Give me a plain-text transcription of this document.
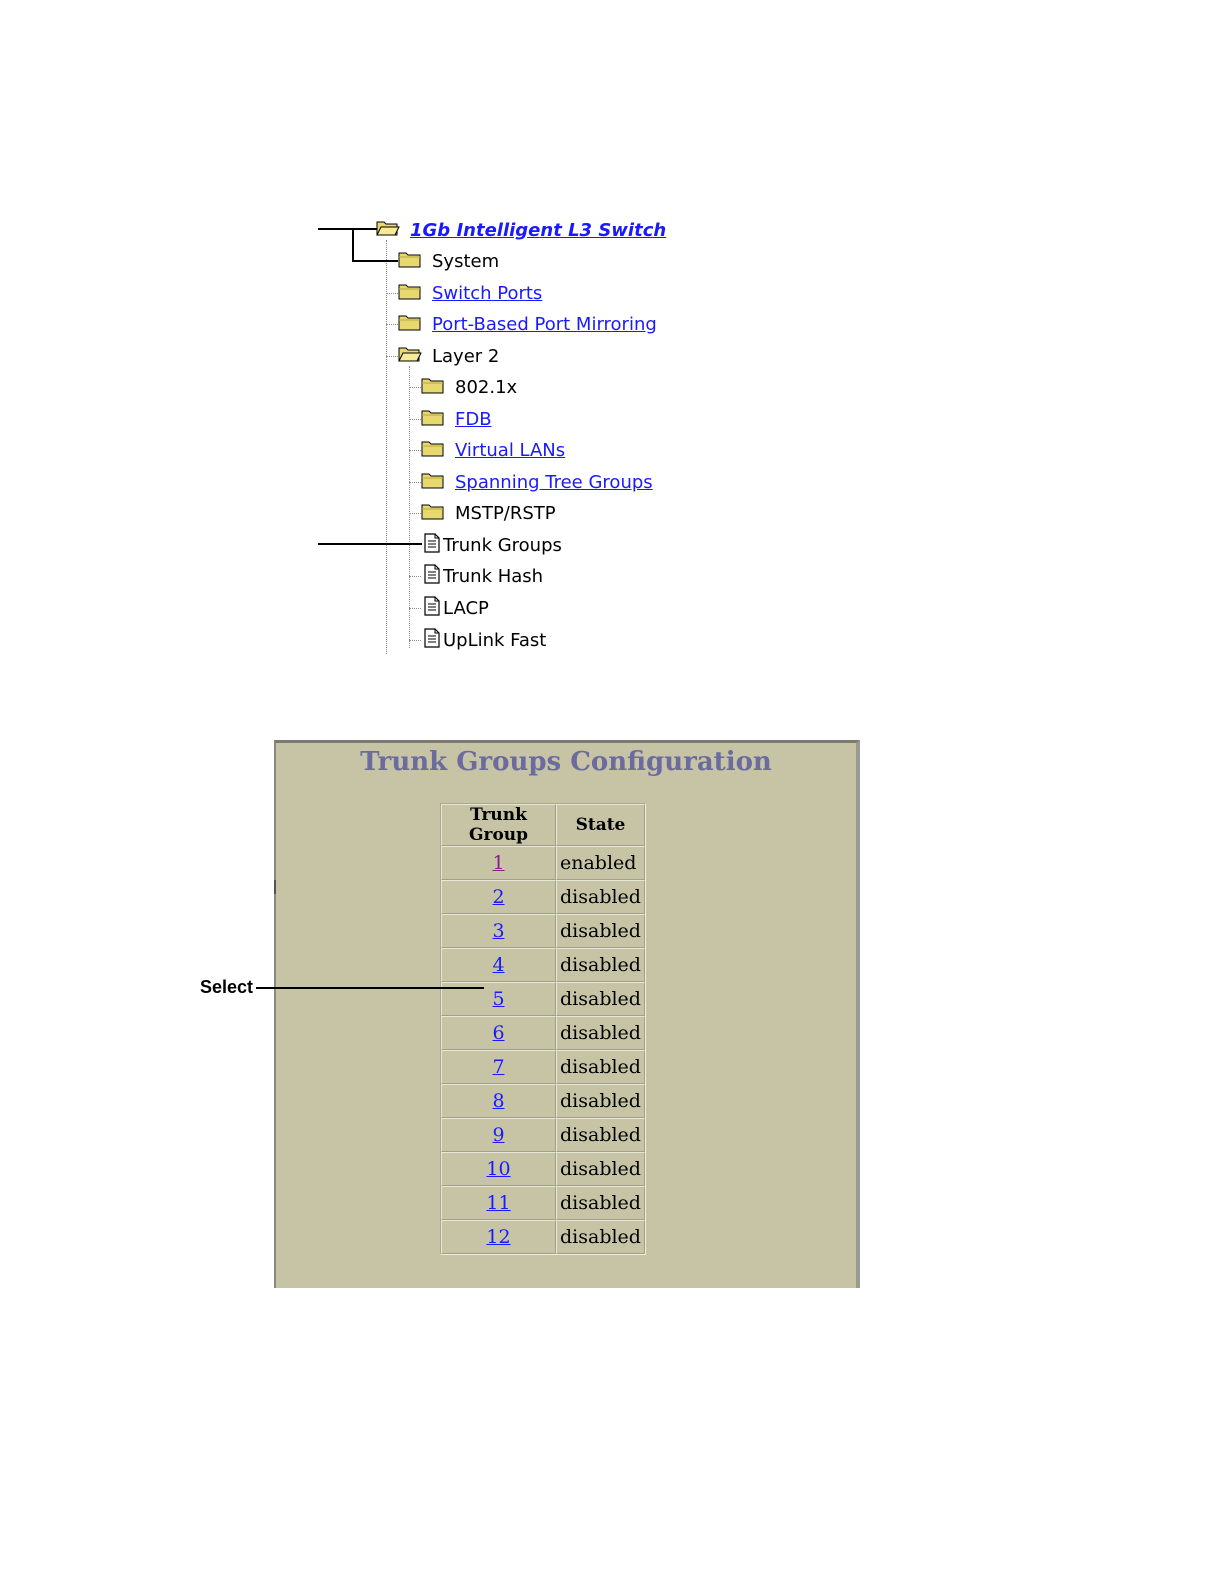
1Gb Intelligent L3 Switch
System
Switch Ports
Port-Based Port Mirroring
Layer 2
802.1x
FDB
Virtual LANs
Spanning Tree Groups
MSTP/RSTP
Trunk Groups
Trunk Hash
LACP
UpLink Fast
Trunk Groups Configuration
Trunk Group	State
1	enabled
2	disabled
3	disabled
4	disabled
5	disabled
6	disabled
7	disabled
8	disabled
9	disabled
10	disabled
11	disabled
12	disabled
Select
